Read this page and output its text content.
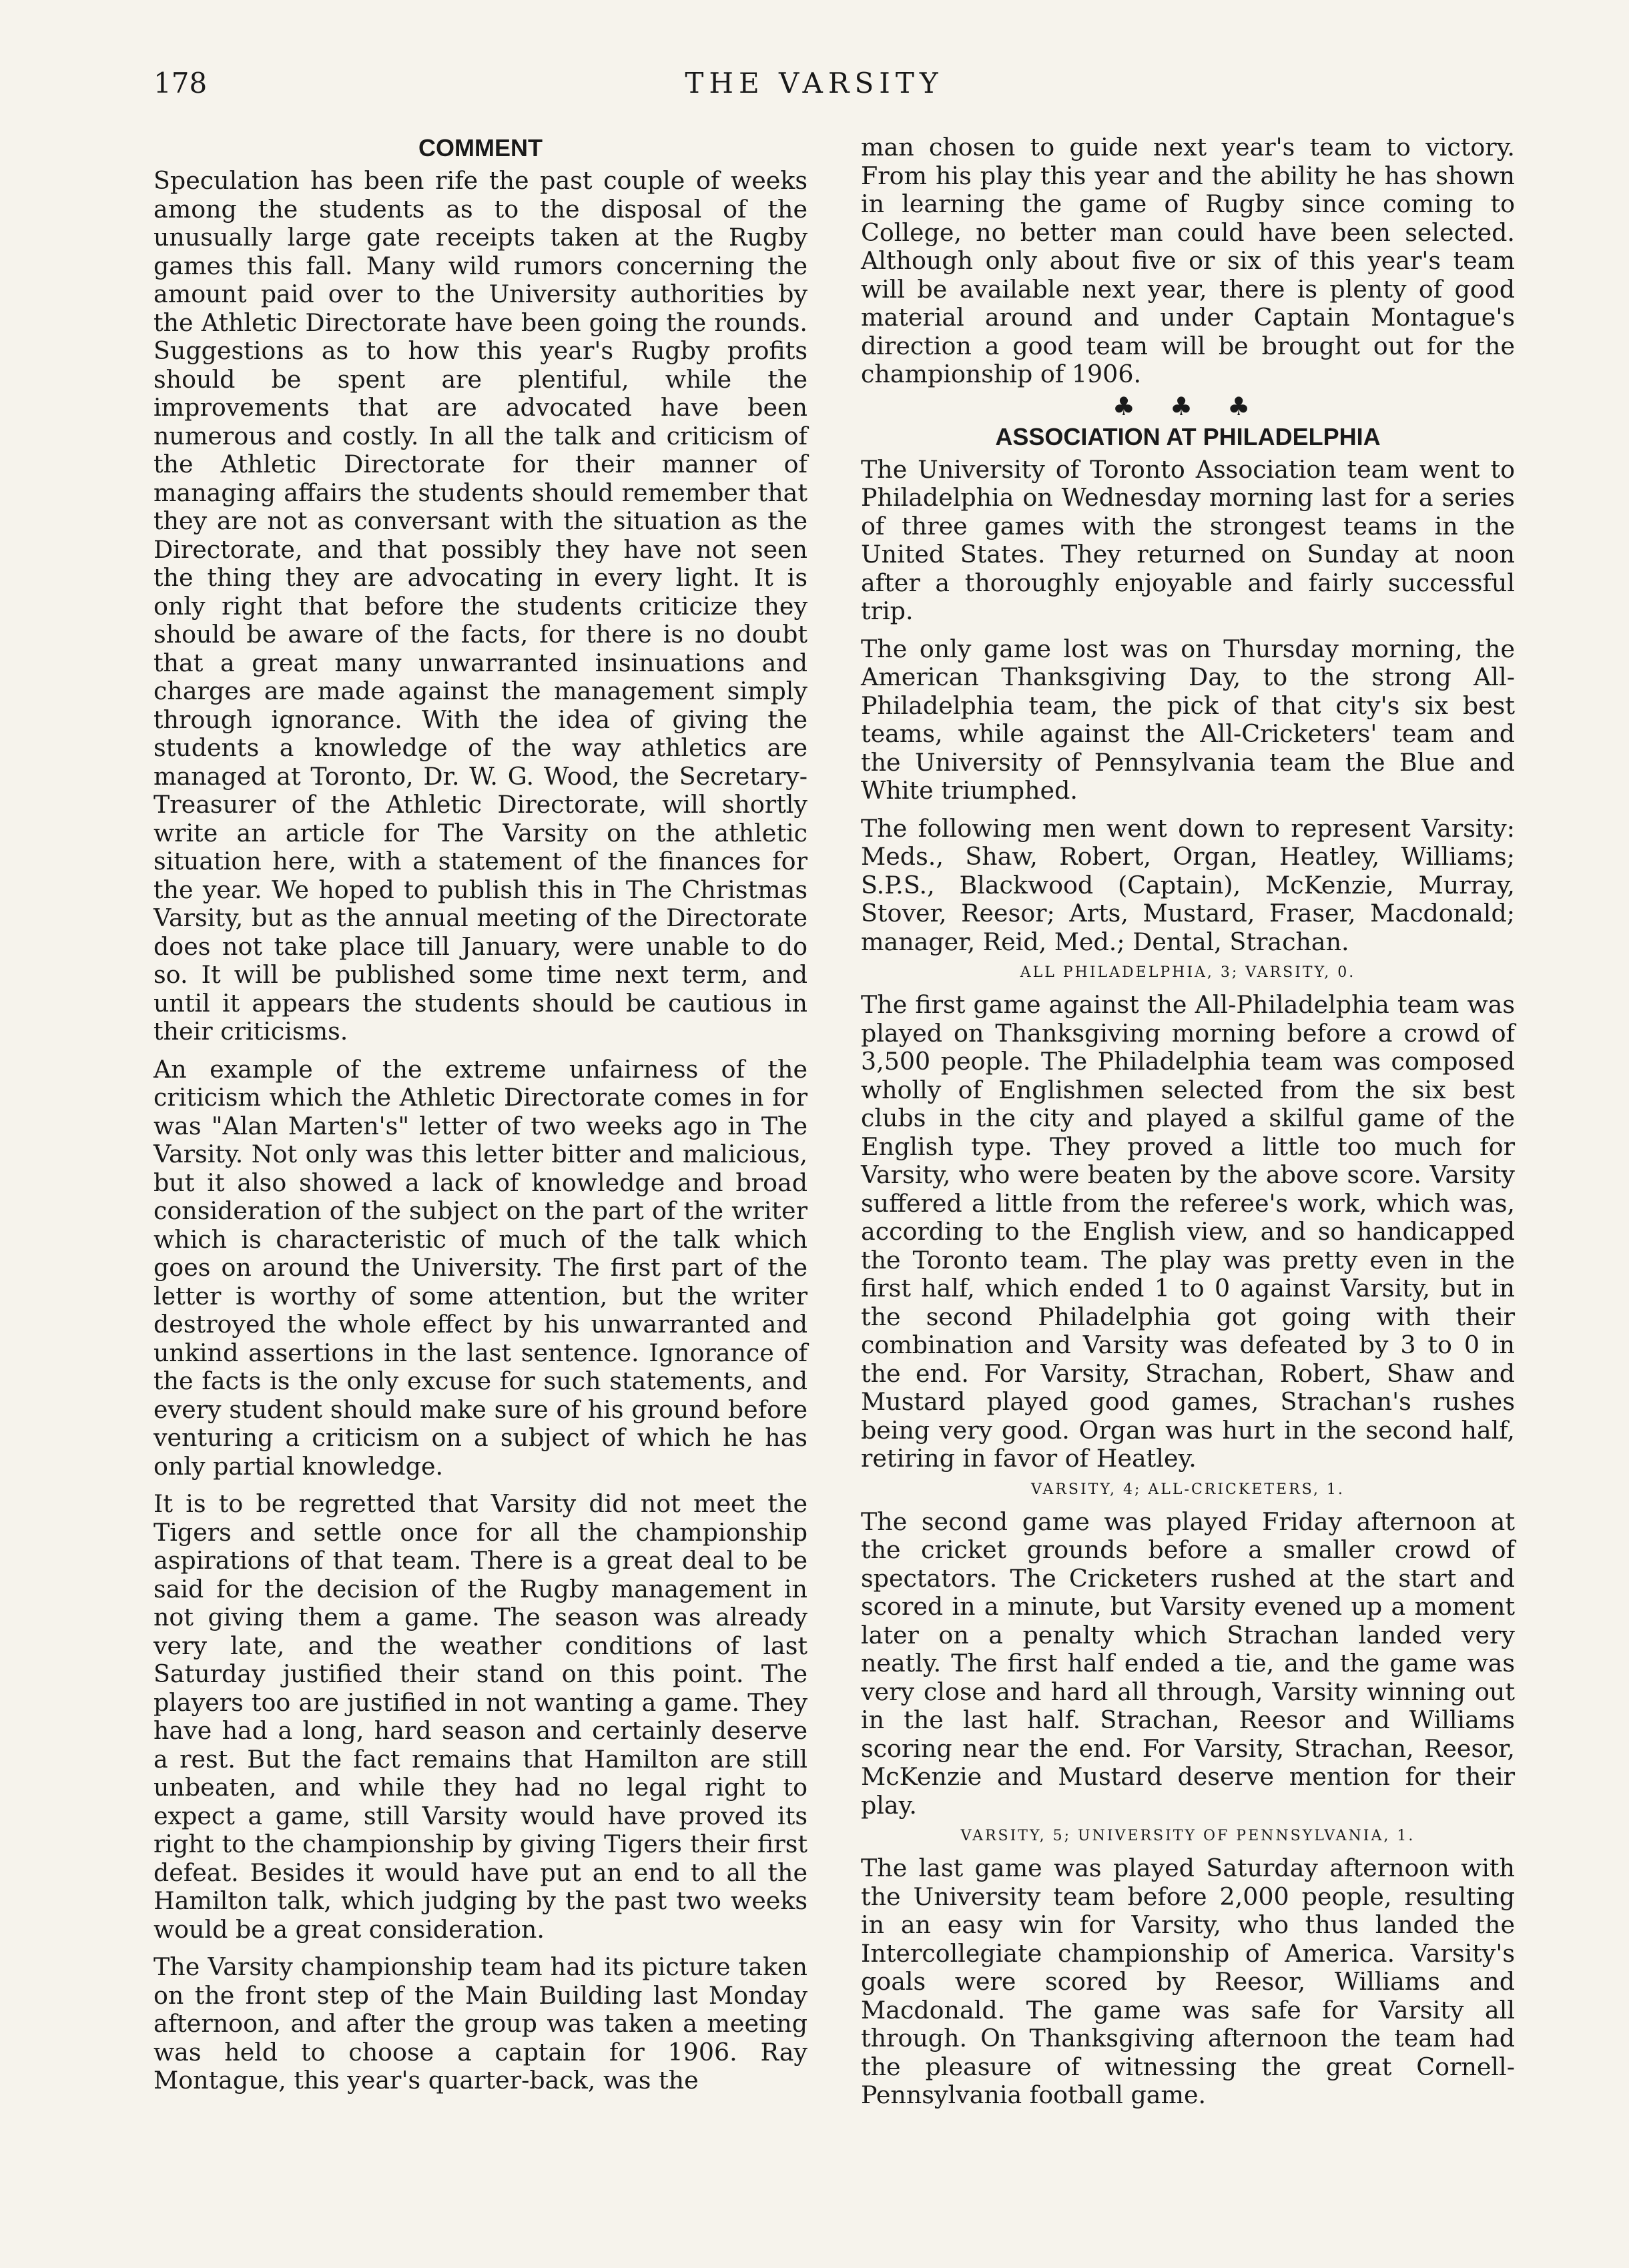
178	THE VARSITY
COMMENT

Speculation has been rife the past couple of weeks among the students as to the disposal of the unusually large gate receipts taken at the Rugby games this fall. Many wild rumors concerning the amount paid over to the University authorities by the Athletic Directorate have been going the rounds. Suggestions as to how this year's Rugby profits should be spent are plentiful, while the improvements that are advocated have been numerous and costly. In all the talk and criticism of the Athletic Directorate for their manner of managing affairs the students should remember that they are not as conversant with the situation as the Directorate, and that possibly they have not seen the thing they are advocating in every light. It is only right that before the students criticize they should be aware of the facts, for there is no doubt that a great many unwarranted insinuations and charges are made against the management simply through ignorance. With the idea of giving the students a knowledge of the way athletics are managed at Toronto, Dr. W. G. Wood, the Secretary-Treasurer of the Athletic Directorate, will shortly write an article for The Varsity on the athletic situation here, with a statement of the finances for the year. We hoped to publish this in The Christmas Varsity, but as the annual meeting of the Directorate does not take place till January, were unable to do so. It will be published some time next term, and until it appears the students should be cautious in their criticisms.

An example of the extreme unfairness of the criticism which the Athletic Directorate comes in for was "Alan Marten's" letter of two weeks ago in The Varsity. Not only was this letter bitter and malicious, but it also showed a lack of knowledge and broad consideration of the subject on the part of the writer which is characteristic of much of the talk which goes on around the University. The first part of the letter is worthy of some attention, but the writer destroyed the whole effect by his unwarranted and unkind assertions in the last sentence. Ignorance of the facts is the only excuse for such statements, and every student should make sure of his ground before venturing a criticism on a subject of which he has only partial knowledge.

It is to be regretted that Varsity did not meet the Tigers and settle once for all the championship aspirations of that team. There is a great deal to be said for the decision of the Rugby management in not giving them a game. The season was already very late, and the weather conditions of last Saturday justified their stand on this point. The players too are justified in not wanting a game. They have had a long, hard season and certainly deserve a rest. But the fact remains that Hamilton are still unbeaten, and while they had no legal right to expect a game, still Varsity would have proved its right to the championship by giving Tigers their first defeat. Besides it would have put an end to all the Hamilton talk, which judging by the past two weeks would be a great consideration.

The Varsity championship team had its picture taken on the front step of the Main Building last Monday afternoon, and after the group was taken a meeting was held to choose a captain for 1906. Ray Montague, this year's quarter-back, was the

man chosen to guide next year's team to victory. From his play this year and the ability he has shown in learning the game of Rugby since coming to College, no better man could have been selected. Although only about five or six of this year's team will be available next year, there is plenty of good material around and under Captain Montague's direction a good team will be brought out for the championship of 1906.

♣ ♣ ♣
ASSOCIATION AT PHILADELPHIA

The University of Toronto Association team went to Philadelphia on Wednesday morning last for a series of three games with the strongest teams in the United States. They returned on Sunday at noon after a thoroughly enjoyable and fairly successful trip.

The only game lost was on Thursday morning, the American Thanksgiving Day, to the strong All-Philadelphia team, the pick of that city's six best teams, while against the All-Cricketers' team and the University of Pennsylvania team the Blue and White triumphed.

The following men went down to represent Varsity: Meds., Shaw, Robert, Organ, Heatley, Williams; S.P.S., Blackwood (Captain), McKenzie, Murray, Stover, Reesor; Arts, Mustard, Fraser, Macdonald; manager, Reid, Med.; Dental, Strachan.

ALL PHILADELPHIA, 3; VARSITY, 0.

The first game against the All-Philadelphia team was played on Thanksgiving morning before a crowd of 3,500 people. The Philadelphia team was composed wholly of Englishmen selected from the six best clubs in the city and played a skilful game of the English type. They proved a little too much for Varsity, who were beaten by the above score. Varsity suffered a little from the referee's work, which was, according to the English view, and so handicapped the Toronto team. The play was pretty even in the first half, which ended 1 to 0 against Varsity, but in the second Philadelphia got going with their combination and Varsity was defeated by 3 to 0 in the end. For Varsity, Strachan, Robert, Shaw and Mustard played good games, Strachan's rushes being very good. Organ was hurt in the second half, retiring in favor of Heatley.

VARSITY, 4; ALL-CRICKETERS, 1.

The second game was played Friday afternoon at the cricket grounds before a smaller crowd of spectators. The Cricketers rushed at the start and scored in a minute, but Varsity evened up a moment later on a penalty which Strachan landed very neatly. The first half ended a tie, and the game was very close and hard all through, Varsity winning out in the last half. Strachan, Reesor and Williams scoring near the end. For Varsity, Strachan, Reesor, McKenzie and Mustard deserve mention for their play.

VARSITY, 5; UNIVERSITY OF PENNSYLVANIA, 1.

The last game was played Saturday afternoon with the University team before 2,000 people, resulting in an easy win for Varsity, who thus landed the Intercollegiate championship of America. Varsity's goals were scored by Reesor, Williams and Macdonald. The game was safe for Varsity all through. On Thanksgiving afternoon the team had the pleasure of witnessing the great Cornell-Pennsylvania football game.
